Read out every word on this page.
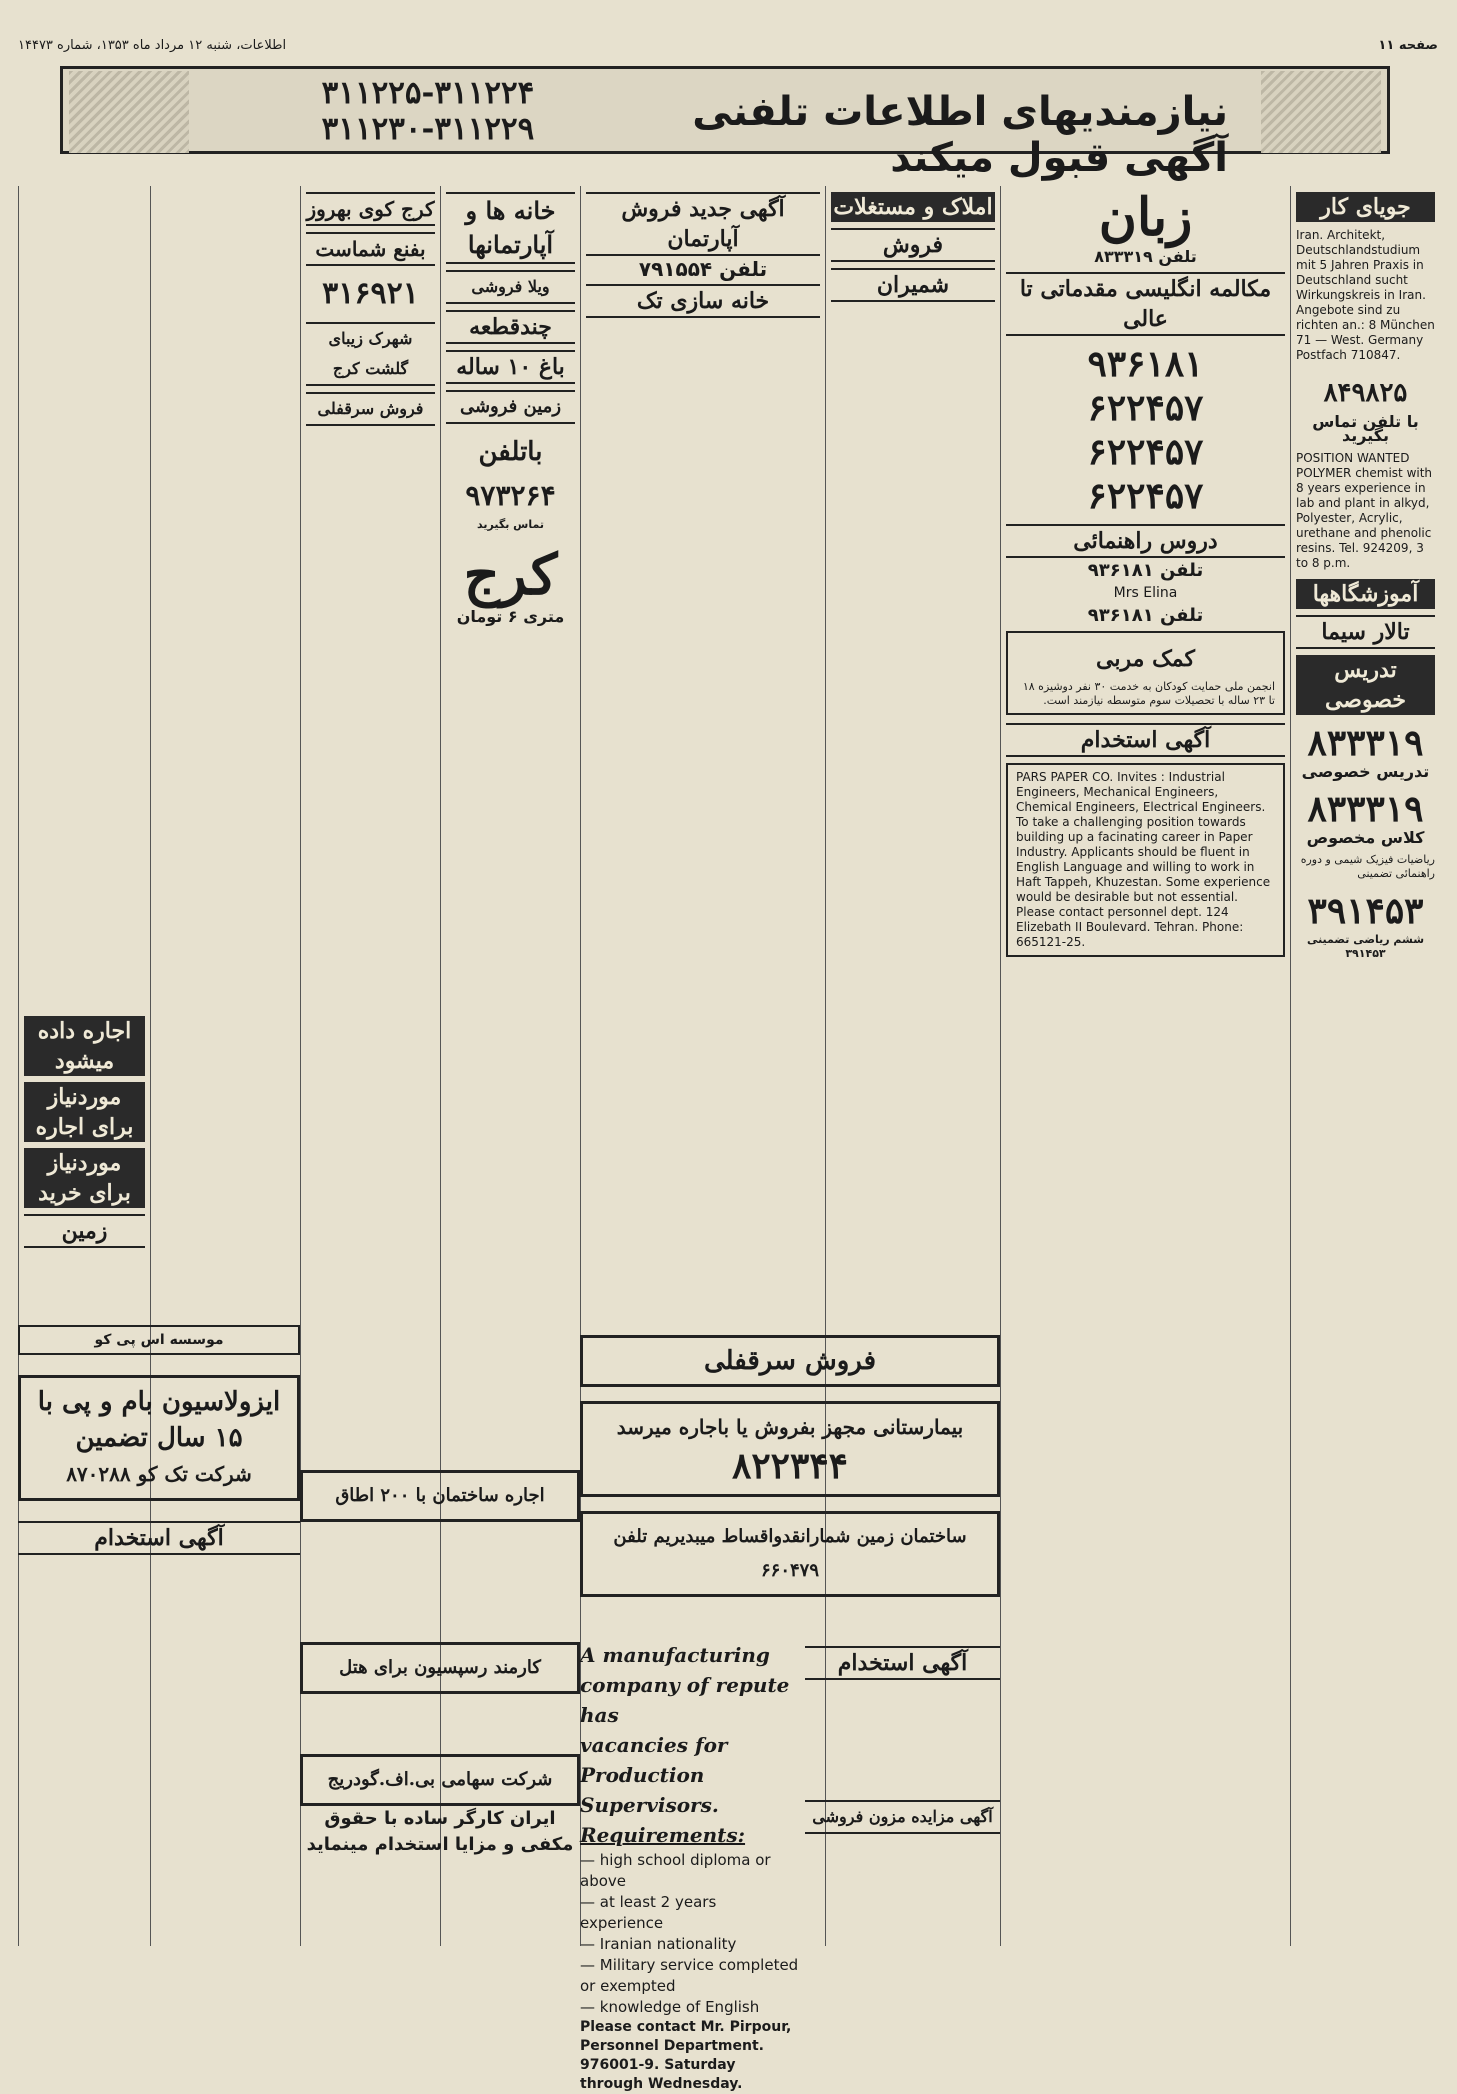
اطلاعات، شنبه ۱۲ مرداد ماه ۱۳۵۳، شماره ۱۴۴۷۳	صفحه ۱۱
۳۱۱۲۲۵-۳۱۱۲۲۴
۳۱۱۲۳۰-۳۱۱۲۲۹	نیازمندیهای اطلاعات تلفنی آگهی قبول میکند
جویای کار
Iran. Architekt, Deutschlandstudium mit 5 Jahren Praxis in Deutschland sucht Wirkungskreis in Iran. Angebote sind zu richten an.: 8 München 71 — West. Germany Postfach 710847.
۸۴۹۸۲۵
با تلفن تماس بگیرید
POSITION WANTED POLYMER chemist with 8 years experience in lab and plant in alkyd, Polyester, Acrylic, urethane and phenolic resins. Tel. 924209, 3 to 8 p.m.
آموزشگاهها
تالار سیما
تدریس خصوصی
۸۳۳۳۱۹
تدریس خصوصی
۸۳۳۳۱۹
کلاس مخصوص
ریاضیات فیزیک شیمی و دوره راهنمائی تضمینی
۳۹۱۴۵۳
ششم ریاضی تضمینی ۳۹۱۴۵۳
زبان
تلفن ۸۳۳۳۱۹
مکالمه انگلیسی مقدماتی تا عالی
۹۳۶۱۸۱
۶۲۲۴۵۷
۶۲۲۴۵۷
۶۲۲۴۵۷
دروس راهنمائی
تلفن ۹۳۶۱۸۱
Mrs Elina
تلفن ۹۳۶۱۸۱
کمک مربی
انجمن ملی حمایت کودکان به خدمت ۳۰ نفر دوشیزه ۱۸ تا ۲۳ ساله با تحصیلات سوم متوسطه نیازمند است.
آگهی استخدام
PARS PAPER CO. Invites : Industrial Engineers, Mechanical Engineers, Chemical Engineers, Electrical Engineers. To take a challenging position towards building up a facinating career in Paper Industry. Applicants should be fluent in English Language and willing to work in Haft Tappeh, Khuzestan. Some experience would be desirable but not essential. Please contact personnel dept. 124 Elizebath II Boulevard. Tehran. Phone: 665121-25.
املاک و مستغلات
فروش
شمیران
آگهی جدید فروش آپارتمان
تلفن ۷۹۱۵۵۴
خانه سازی تک
فروش سرقفلی
بیمارستانی مجهز بفروش یا باجاره میرسد
۸۲۲۳۴۴
ساختمان زمین شمارانقدواقساط میبدیریم تلفن ۶۶۰۴۷۹
A manufacturing
company of repute has
vacancies for Production
Supervisors.
Requirements:
— high school diploma or above
— at least 2 years experience
— Iranian nationality
— Military service completed or exempted
— knowledge of English
Please contact Mr. Pirpour, Personnel Department. 976001-9. Saturday through Wednesday.
آگهی استخدام
آگهی مزایده مزون فروشی
خانه ها و آپارتمانها
ویلا فروشی
چندقطعه
باغ ۱۰ ساله
زمین فروشی
باتلفن
۹۷۳۲۶۴
تماس بگیرید
کرج
متری ۶ تومان
کرج کوی بهروز
بفنع شماست
۳۱۶۹۲۱
شهرک زیبای گلشت کرج
فروش سرقفلی
اجاره ساختمان با ۲۰۰ اطاق
کارمند رسپسیون برای هتل
شرکت سهامی بی.اف.گودریج
ایران کارگر ساده با حقوق مکفی و مزایا استخدام مینماید
اجاره داده میشود
موردنیاز برای اجاره
موردنیاز برای خرید
زمین
موسسه اس پی کو
ایزولاسیون بام و پی با ۱۵ سال تضمین
شرکت تک کو ۸۷۰۲۸۸
آگهی استخدام
